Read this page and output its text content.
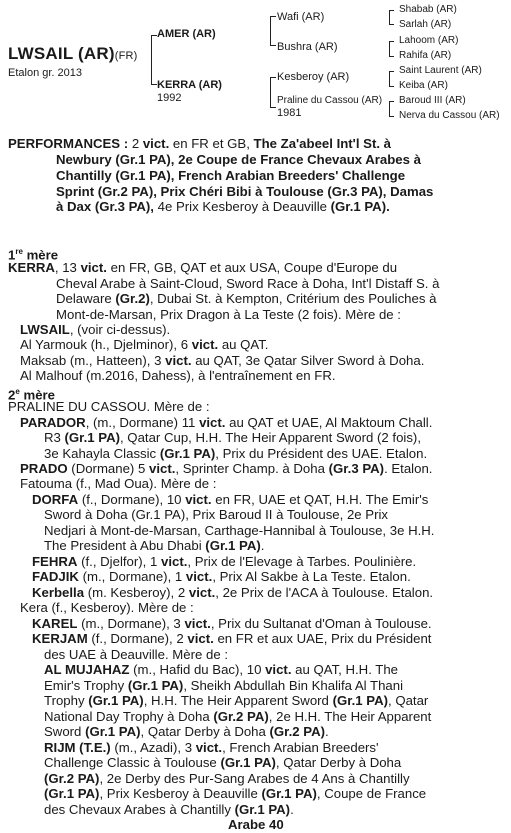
LWSAIL (AR)(FR)
Etalon gr. 2013
AMER (AR)
KERRA (AR)
1992
Wafi (AR)
Bushra (AR)
Kesberoy (AR)
Praline du Cassou (AR)
1981
Shabab (AR)
Sarlah (AR)
Lahoom (AR)
Rahifa (AR)
Saint Laurent (AR)
Keiba (AR)
Baroud III (AR)
Nerva du Cassou (AR)
PERFORMANCES : 2 vict. en FR et GB, The Za'abeel Int'l St. à
Newbury (Gr.1 PA), 2e Coupe de France Chevaux Arabes à
Chantilly (Gr.1 PA), French Arabian Breeders' Challenge
Sprint (Gr.2 PA), Prix Chéri Bibi à Toulouse (Gr.3 PA), Damas
à Dax (Gr.3 PA), 4e Prix Kesberoy à Deauville (Gr.1 PA).
1re mère
KERRA, 13 vict. en FR, GB, QAT et aux USA, Coupe d'Europe du
Cheval Arabe à Saint-Cloud, Sword Race à Doha, Int'l Distaff S. à
Delaware (Gr.2), Dubai St. à Kempton, Critérium des Pouliches à
Mont-de-Marsan, Prix Dragon à La Teste (2 fois). Mère de :
LWSAIL, (voir ci-dessus).
Al Yarmouk (h., Djelminor), 6 vict. au QAT.
Maksab (m., Hatteen), 3 vict. au QAT, 3e Qatar Silver Sword à Doha.
Al Malhouf (m.2016, Dahess), à l'entraînement en FR.
2e mère
PRALINE DU CASSOU. Mère de :
PARADOR, (m., Dormane) 11 vict. au QAT et UAE, Al Maktoum Chall.
R3 (Gr.1 PA), Qatar Cup, H.H. The Heir Apparent Sword (2 fois),
3e Kahayla Classic (Gr.1 PA), Prix du Président des UAE. Etalon.
PRADO (Dormane) 5 vict., Sprinter Champ. à Doha (Gr.3 PA). Etalon.
Fatouma (f., Mad Oua). Mère de :
DORFA (f., Dormane), 10 vict. en FR, UAE et QAT, H.H. The Emir's
Sword à Doha (Gr.1 PA), Prix Baroud II à Toulouse, 2e Prix
Nedjari à Mont-de-Marsan, Carthage-Hannibal à Toulouse, 3e H.H.
The President à Abu Dhabi (Gr.1 PA).
FEHRA (f., Djelfor), 1 vict., Prix de l'Elevage à Tarbes. Poulinière.
FADJIK (m., Dormane), 1 vict., Prix Al Sakbe à La Teste. Etalon.
Kerbella (m. Kesberoy), 2 vict., 2e Prix de l'ACA à Toulouse. Etalon.
Kera (f., Kesberoy). Mère de :
KAREL (m., Dormane), 3 vict., Prix du Sultanat d'Oman à Toulouse.
KERJAM (f., Dormane), 2 vict. en FR et aux UAE, Prix du Président
des UAE à Deauville. Mère de :
AL MUJAHAZ (m., Hafid du Bac), 10 vict. au QAT, H.H. The
Emir's Trophy (Gr.1 PA), Sheikh Abdullah Bin Khalifa Al Thani
Trophy (Gr.1 PA), H.H. The Heir Apparent Sword (Gr.1 PA), Qatar
National Day Trophy à Doha (Gr.2 PA), 2e H.H. The Heir Apparent
Sword (Gr.1 PA), Qatar Derby à Doha (Gr.2 PA).
RIJM (T.E.) (m., Azadi), 3 vict., French Arabian Breeders'
Challenge Classic à Toulouse (Gr.1 PA), Qatar Derby à Doha
(Gr.2 PA), 2e Derby des Pur-Sang Arabes de 4 Ans à Chantilly
(Gr.1 PA), Prix Kesberoy à Deauville (Gr.1 PA), Coupe de France
des Chevaux Arabes à Chantilly (Gr.1 PA).
Arabe 40
